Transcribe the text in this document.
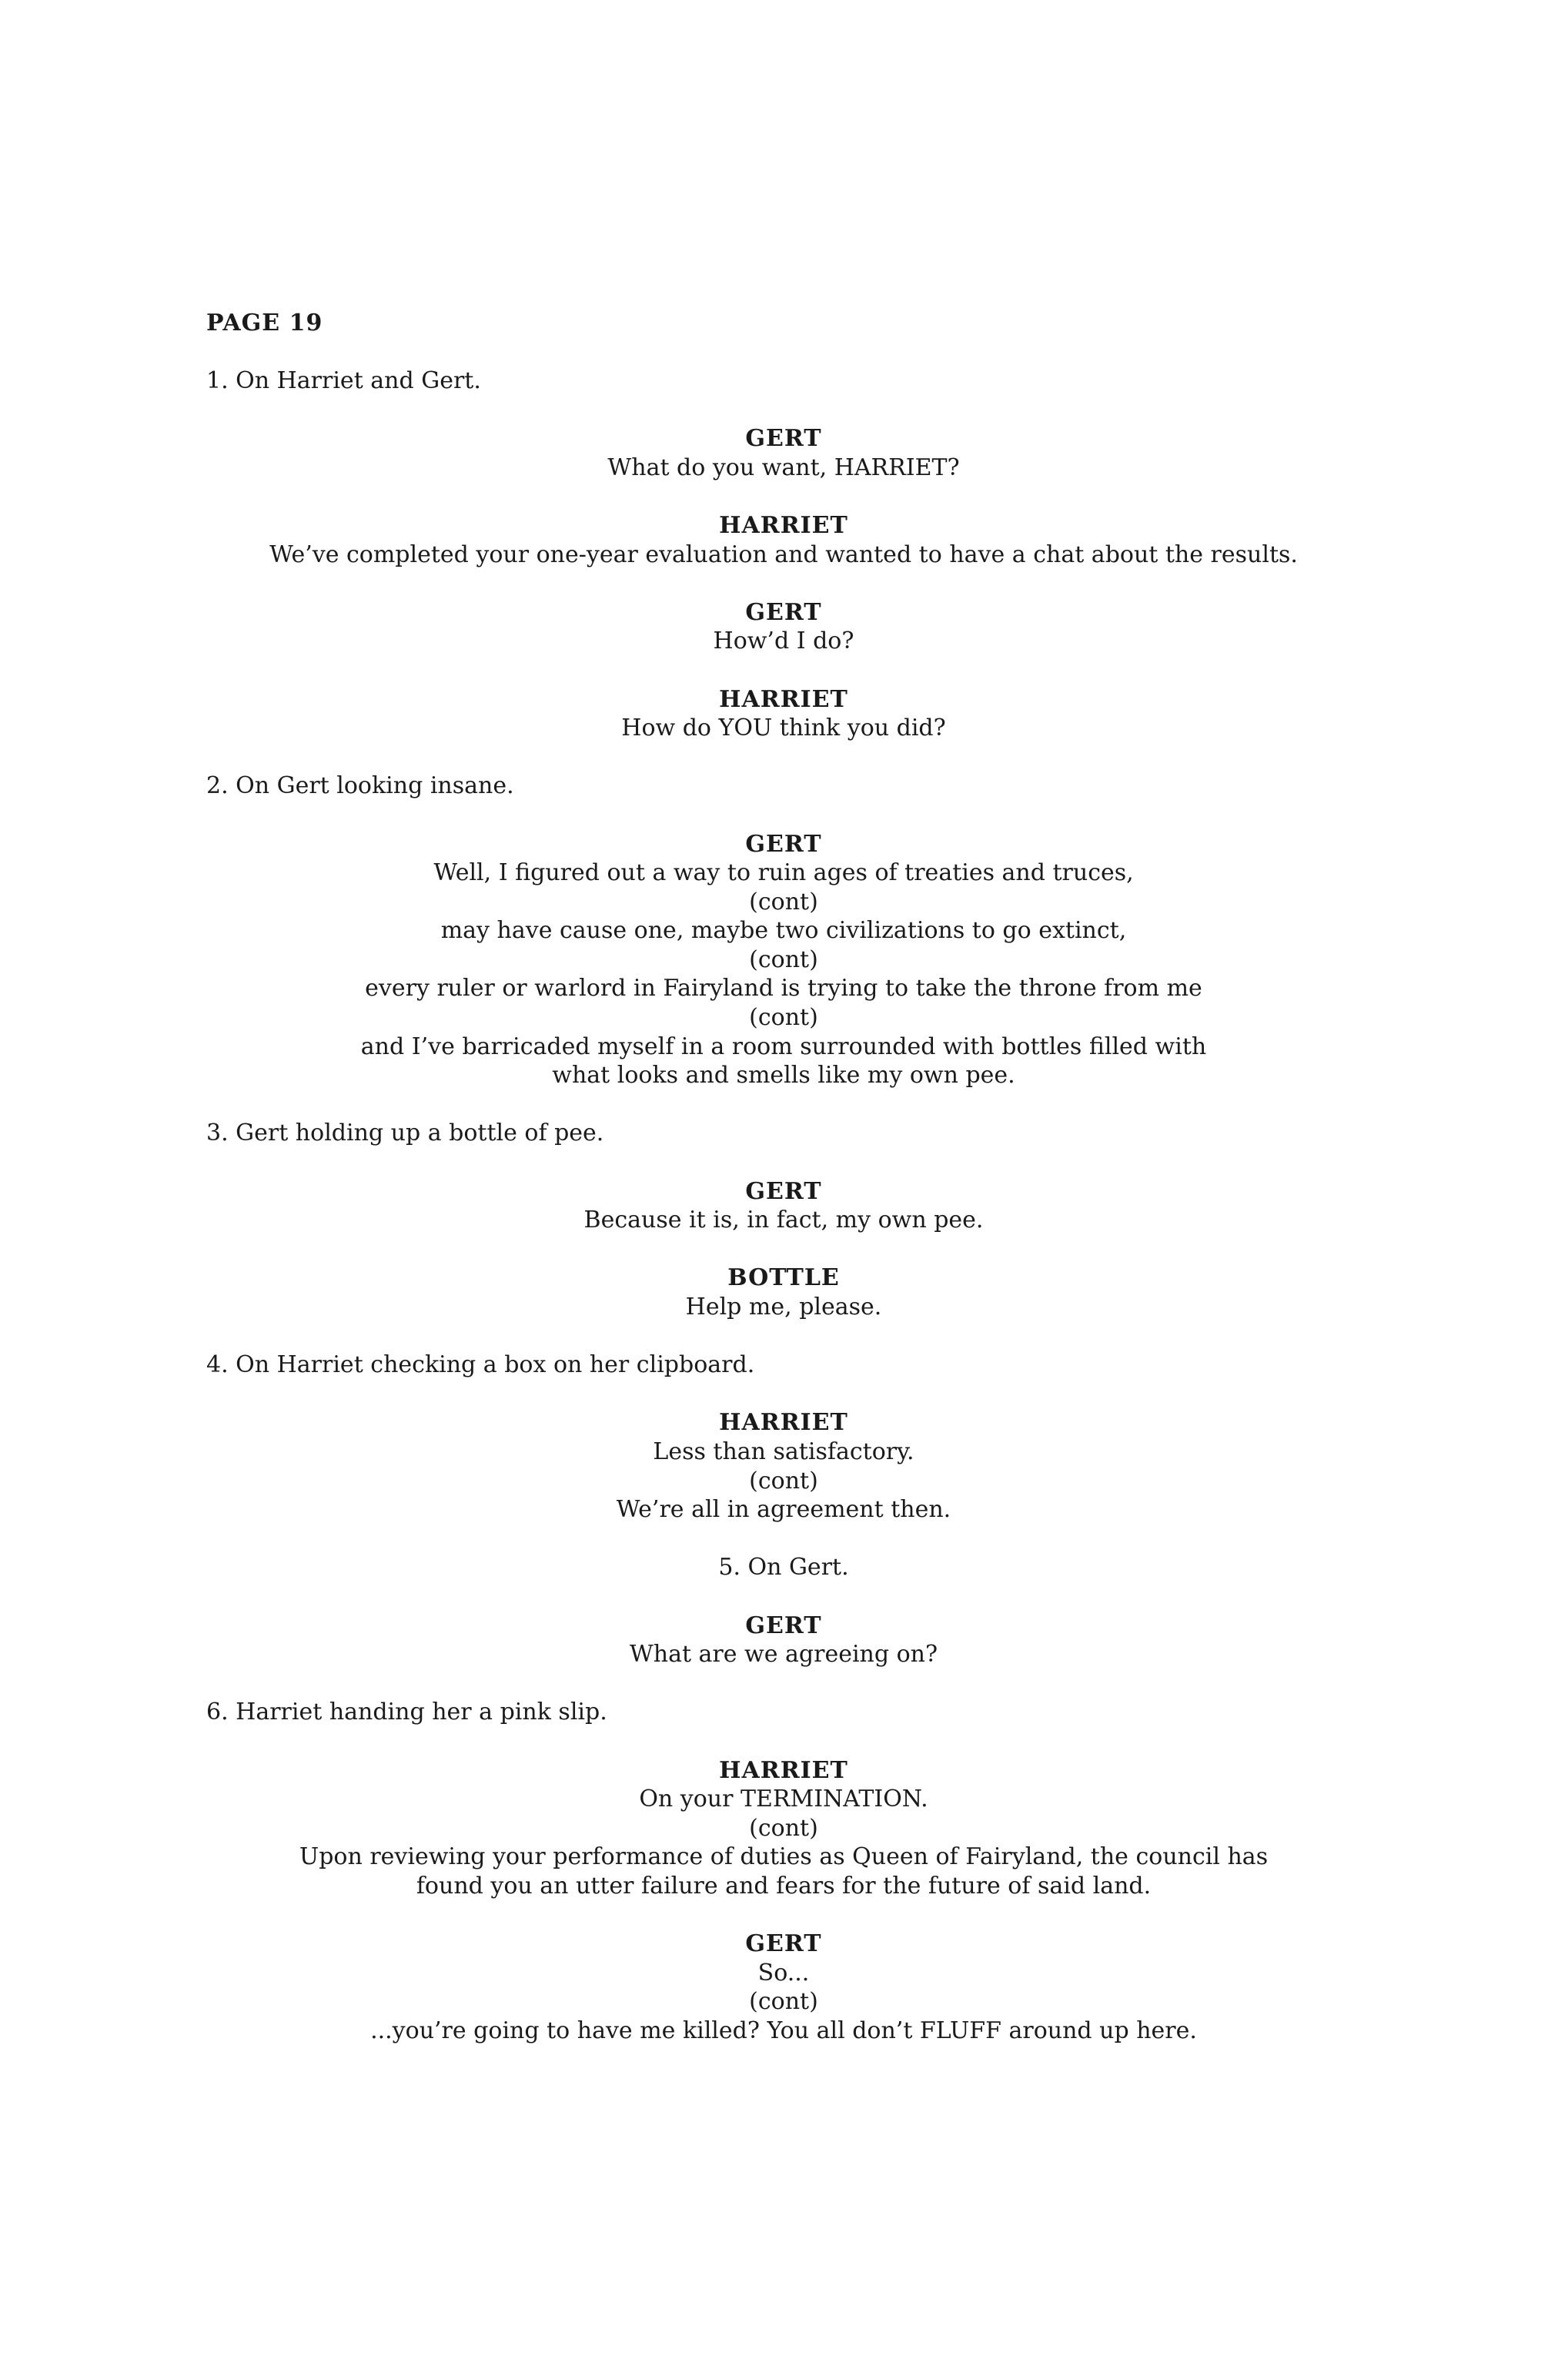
PAGE 19
1. On Harriet and Gert.
GERT
What do you want, HARRIET?
HARRIET
We’ve completed your one-year evaluation and wanted to have a chat about the results.
GERT
How’d I do?
HARRIET
How do YOU think you did?
2. On Gert looking insane.
GERT
Well, I figured out a way to ruin ages of treaties and truces,
(cont)
may have cause one, maybe two civilizations to go extinct,
(cont)
every ruler or warlord in Fairyland is trying to take the throne from me
(cont)
and I’ve barricaded myself in a room surrounded with bottles filled with
what looks and smells like my own pee.
3. Gert holding up a bottle of pee.
GERT
Because it is, in fact, my own pee.
BOTTLE
Help me, please.
4. On Harriet checking a box on her clipboard.
HARRIET
Less than satisfactory.
(cont)
We’re all in agreement then.
5. On Gert.
GERT
What are we agreeing on?
6. Harriet handing her a pink slip.
HARRIET
On your TERMINATION.
(cont)
Upon reviewing your performance of duties as Queen of Fairyland, the council has
found you an utter failure and fears for the future of said land.
GERT
So...
(cont)
...you’re going to have me killed? You all don’t FLUFF around up here.
